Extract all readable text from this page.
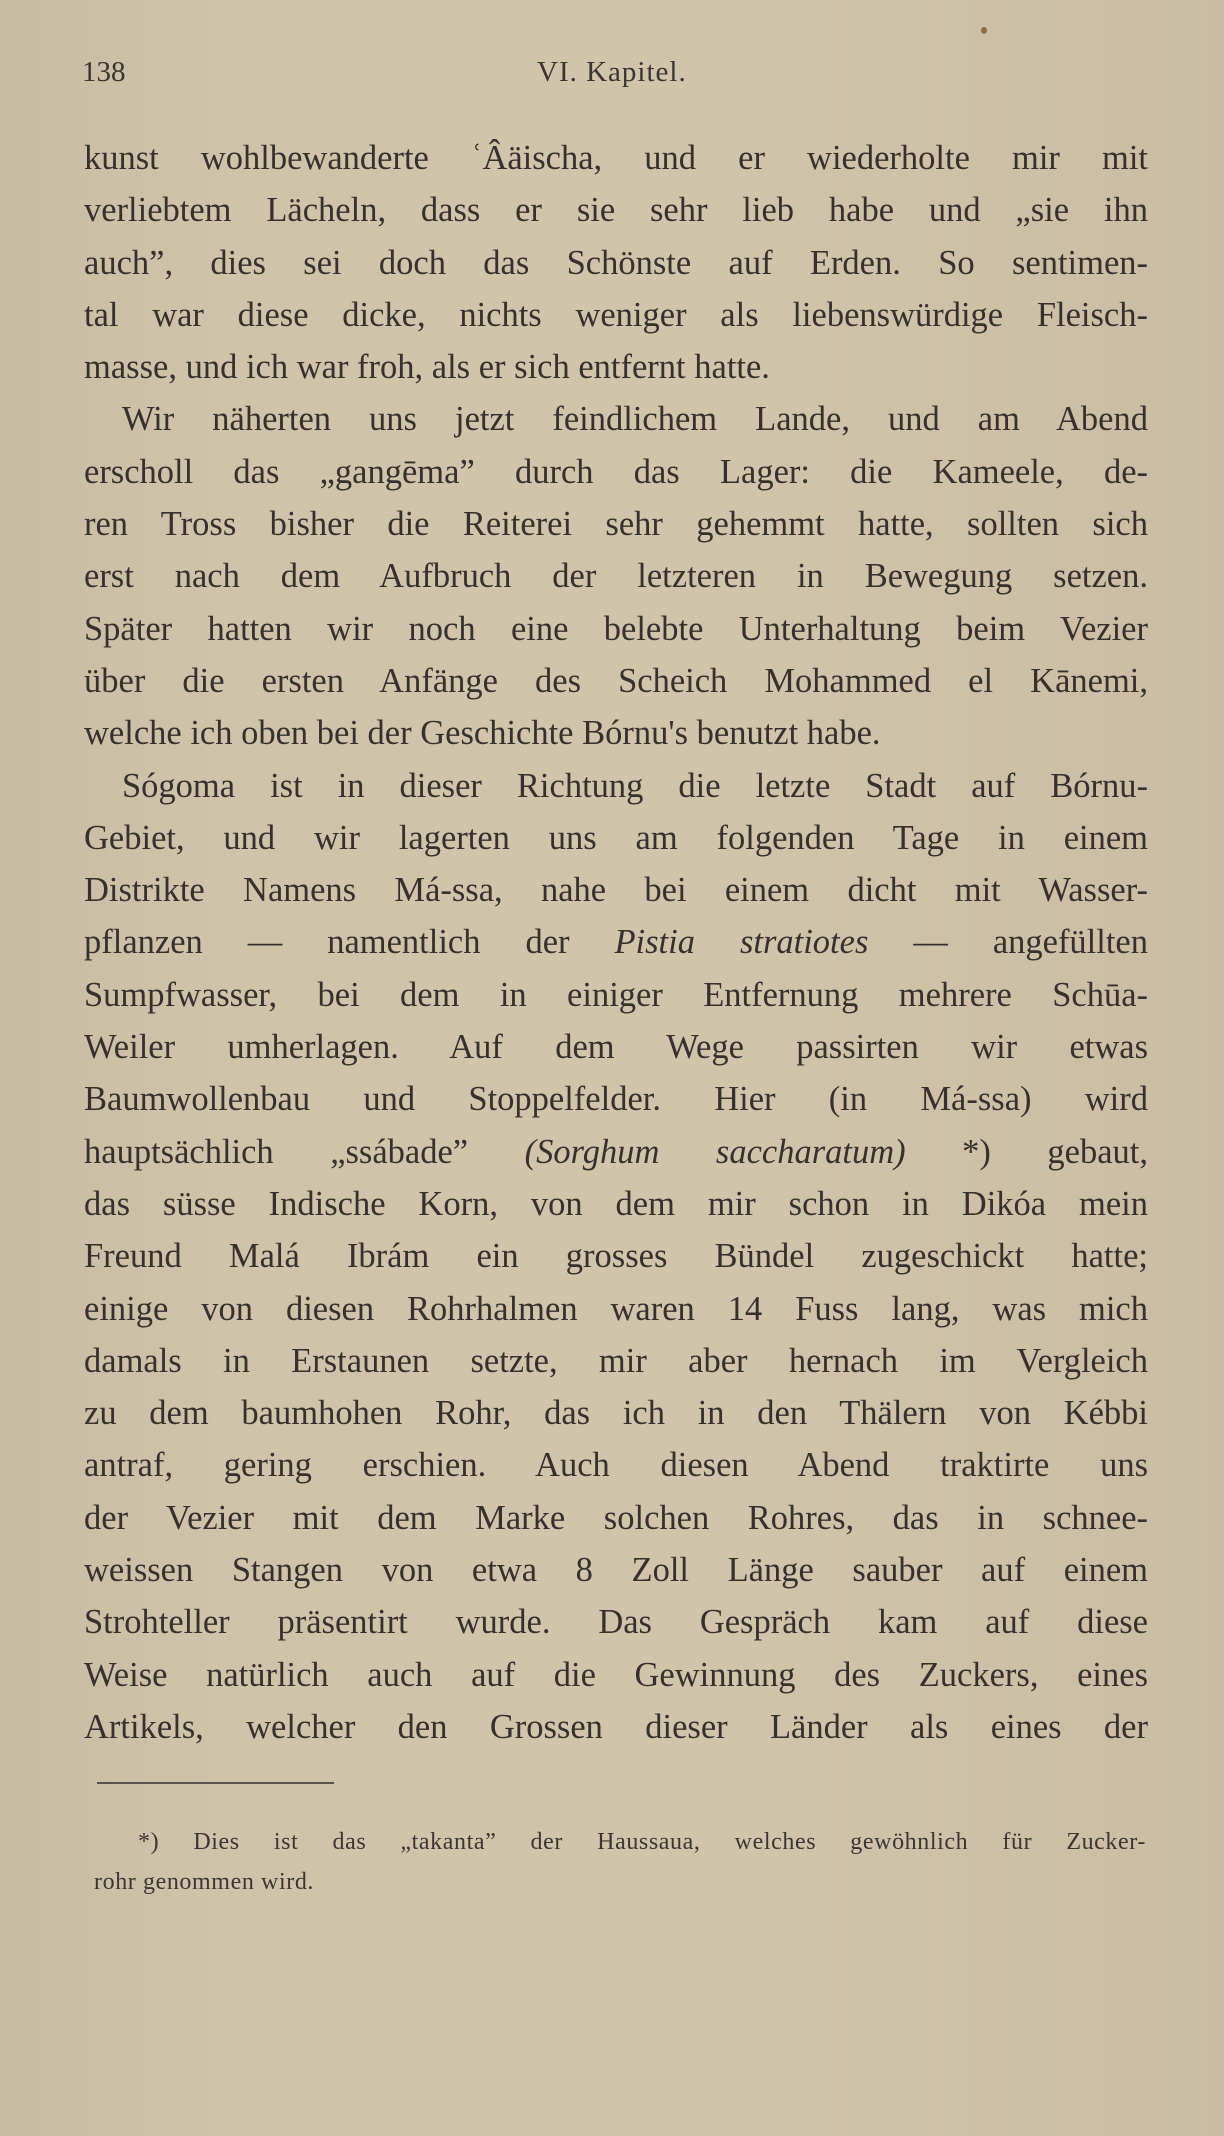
138	VI. Kapitel.
kunst wohlbewanderte ʿÂäischa, und er wiederholte mir mit
verliebtem Lächeln, dass er sie sehr lieb habe und „sie ihn
auch”, dies sei doch das Schönste auf Erden. So sentimen-
tal war diese dicke, nichts weniger als liebenswürdige Fleisch-
masse, und ich war froh, als er sich entfernt hatte.
Wir näherten uns jetzt feindlichem Lande, und am Abend
erscholl das „gangēma” durch das Lager: die Kameele, de-
ren Tross bisher die Reiterei sehr gehemmt hatte, sollten sich
erst nach dem Aufbruch der letzteren in Bewegung setzen.
Später hatten wir noch eine belebte Unterhaltung beim Vezier
über die ersten Anfänge des Scheich Mohammed el Kānemi,
welche ich oben bei der Geschichte Bórnu's benutzt habe.
Sógoma ist in dieser Richtung die letzte Stadt auf Bórnu-
Gebiet, und wir lagerten uns am folgenden Tage in einem
Distrikte Namens Má-ssa, nahe bei einem dicht mit Wasser-
pflanzen — namentlich der Pistia stratiotes — angefüllten
Sumpfwasser, bei dem in einiger Entfernung mehrere Schūa-
Weiler umherlagen. Auf dem Wege passirten wir etwas
Baumwollenbau und Stoppelfelder. Hier (in Má-ssa) wird
hauptsächlich „ssábade” (Sorghum saccharatum) *) gebaut,
das süsse Indische Korn, von dem mir schon in Dikóa mein
Freund Malá Ibrám ein grosses Bündel zugeschickt hatte;
einige von diesen Rohrhalmen waren 14 Fuss lang, was mich
damals in Erstaunen setzte, mir aber hernach im Vergleich
zu dem baumhohen Rohr, das ich in den Thälern von Kébbi
antraf, gering erschien. Auch diesen Abend traktirte uns
der Vezier mit dem Marke solchen Rohres, das in schnee-
weissen Stangen von etwa 8 Zoll Länge sauber auf einem
Strohteller präsentirt wurde. Das Gespräch kam auf diese
Weise natürlich auch auf die Gewinnung des Zuckers, eines
Artikels, welcher den Grossen dieser Länder als eines der
*) Dies ist das „takanta” der Haussaua, welches gewöhnlich für Zucker-
rohr genommen wird.
